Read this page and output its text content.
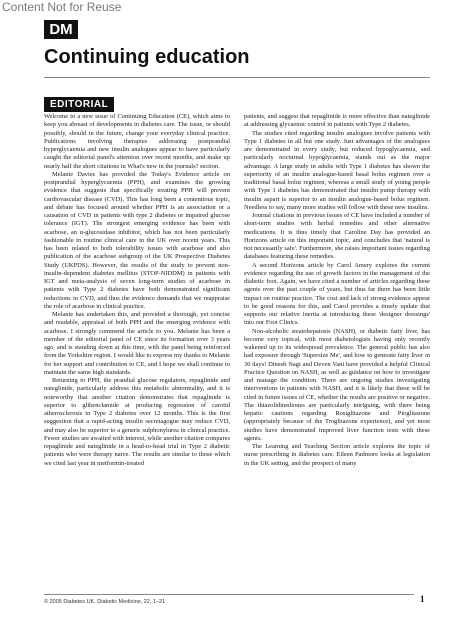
Content Not for Reuse
DM
Continuing education
EDITORIAL

Welcome to a new issue of Continuing Education (CE), which aims to keep you abreast of developments in diabetes care. The issue, or should possibly, should in the future, change your everyday clinical practice. Publications involving therapies addressing postprandial hyperglycaemia and new insulin analogues appear to have particularly caught the editorial panel's attention over recent months, and make up nearly half the short citations in What's new in the journals? section.

Melanie Davies has provided the Today's Evidence article on postprandial hyperglycaemia (PPH), and examines the growing evidence that suggests that specifically treating PPH will prevent cardiovascular disease (CVD). This has long been a contentious topic, and debate has focused around whether PPH is an association or a causation of CVD in patients with type 2 diabetes or impaired glucose tolerance (IGT). The strongest emerging evidence has been with acarbose, an α-glucosidase inhibitor, which has not been particularly fashionable in routine clinical care in the UK over recent years. This has been related to both tolerability issues with acarbose and also publication of the acarbose subgroup of the UK Prospective Diabetes Study (UKPDS). However, the results of the study to prevent non-insulin-dependent diabetes mellitus (STOP-NIDDM) in patients with IGT and meta-analysis of seven long-term studies of acarbose in patients with Type 2 diabetes have both demonstrated significant reductions in CVD, and thus the evidence demands that we reappraise the role of acarbose in clinical practice.

Melanie has undertaken this, and provided a thorough, yet concise and readable, appraisal of both PPH and the emerging evidence with acarbose. I strongly commend the article to you. Melanie has been a member of the editorial panel of CE since its formation over 3 years ago, and is standing down at this time, with the panel being reinforced from the Yorkshire region. I would like to express my thanks to Melanie for her support and contribution to CE, and I hope we shall continue to maintain the same high standards.

Returning to PPH, the prandial glucose regulators, repaglinide and nateglinide, particularly address this metabolic abnormality, and it is noteworthy that another citation demonstrates that repaglinide is superior to glibenclamide at producing regression of carotid atherosclerosis in Type 2 diabetes over 12 months. This is the first suggestion that a rapid-acting insulin secretagogue may reduce CVD, and may also be superior to a generic sulphonylurea in clinical practice. Fewer studies are awaited with interest, while another citation compares repaglinide and nateglinide in a head-to-head trial in Type 2 diabetic patients who were therapy naive. The results are similar to those which we cited last year in metformin-treated

patients, and suggest that repaglinide is more effective than nateglinide at addressing glycaemic control in patients with Type 2 diabetes.

The studies cited regarding insulin analogues involve patients with Type 1 diabetes in all but one study. Just advantages of the analogues are demonstrated in every study, but reduced hypoglycaemia, and particularly nocturnal hypoglycaemia, stands out as the major advantage. A large study in adults with Type 1 diabetes has shown the superiority of an insulin analogue-based basal bolus regimen over a traditional basal bolus regimen, whereas a small study of young people with Type 1 diabetes has demonstrated that insulin pump therapy with insulin aspart is superior to an insulin analogue-based bolus regimen. Needless to say, many more studies will follow with these new insulins.

Journal citations in previous issues of CE have included a number of short-term studies with herbal remedies and other alternative medications. It is thus timely that Caroline Day has provided an Horizons article on this important topic, and concludes that 'natural is not necessarily safe'. Furthermore, she raises important issues regarding databases featuring these remedies.

A second Horizons article by Carol Amery explores the current evidence regarding the use of growth factors in the management of the diabetic foot. Again, we have cited a number of articles regarding these agents over the past couple of years, but thus far there has been little impact on routine practice. The cost and lack of strong evidence appear to be good reasons for this, and Carol provides a timely update that supports our relative inertia at introducing these 'designer dressings' into our Foot Clinics.

Non-alcoholic steatohepatosis (NASH), or diabetic fatty liver, has become very topical, with most diabetologists having only recently wakened up to its widespread prevalence. The general public has also had exposure through 'Supersize Me', and how to generate fatty liver in 30 days! Dinesh Nagi and Deven Vani have provided a helpful Clinical Practice Question on NASH, as well as guidance on how to investigate and manage the condition. There are ongoing studies investigating interventions in patients with NASH, and it is likely that these will be cited in future issues of CE, whether the results are positive or negative. The thiazolidinediones are particularly intriguing, with there being hepatic cautions regarding Rosiglitazone and Pioglitazone (appropriately because of the Troglitazone experience), and yet most studies have demonstrated improved liver function tests with these agents.

The Learning and Teaching Section article explores the topic of nurse prescribing in diabetes care. Eileen Padmore looks at legislation in the UK setting, and the prospect of many

© 2005 Diabetes UK. Diabetic Medicine, 22, 1–21	1
